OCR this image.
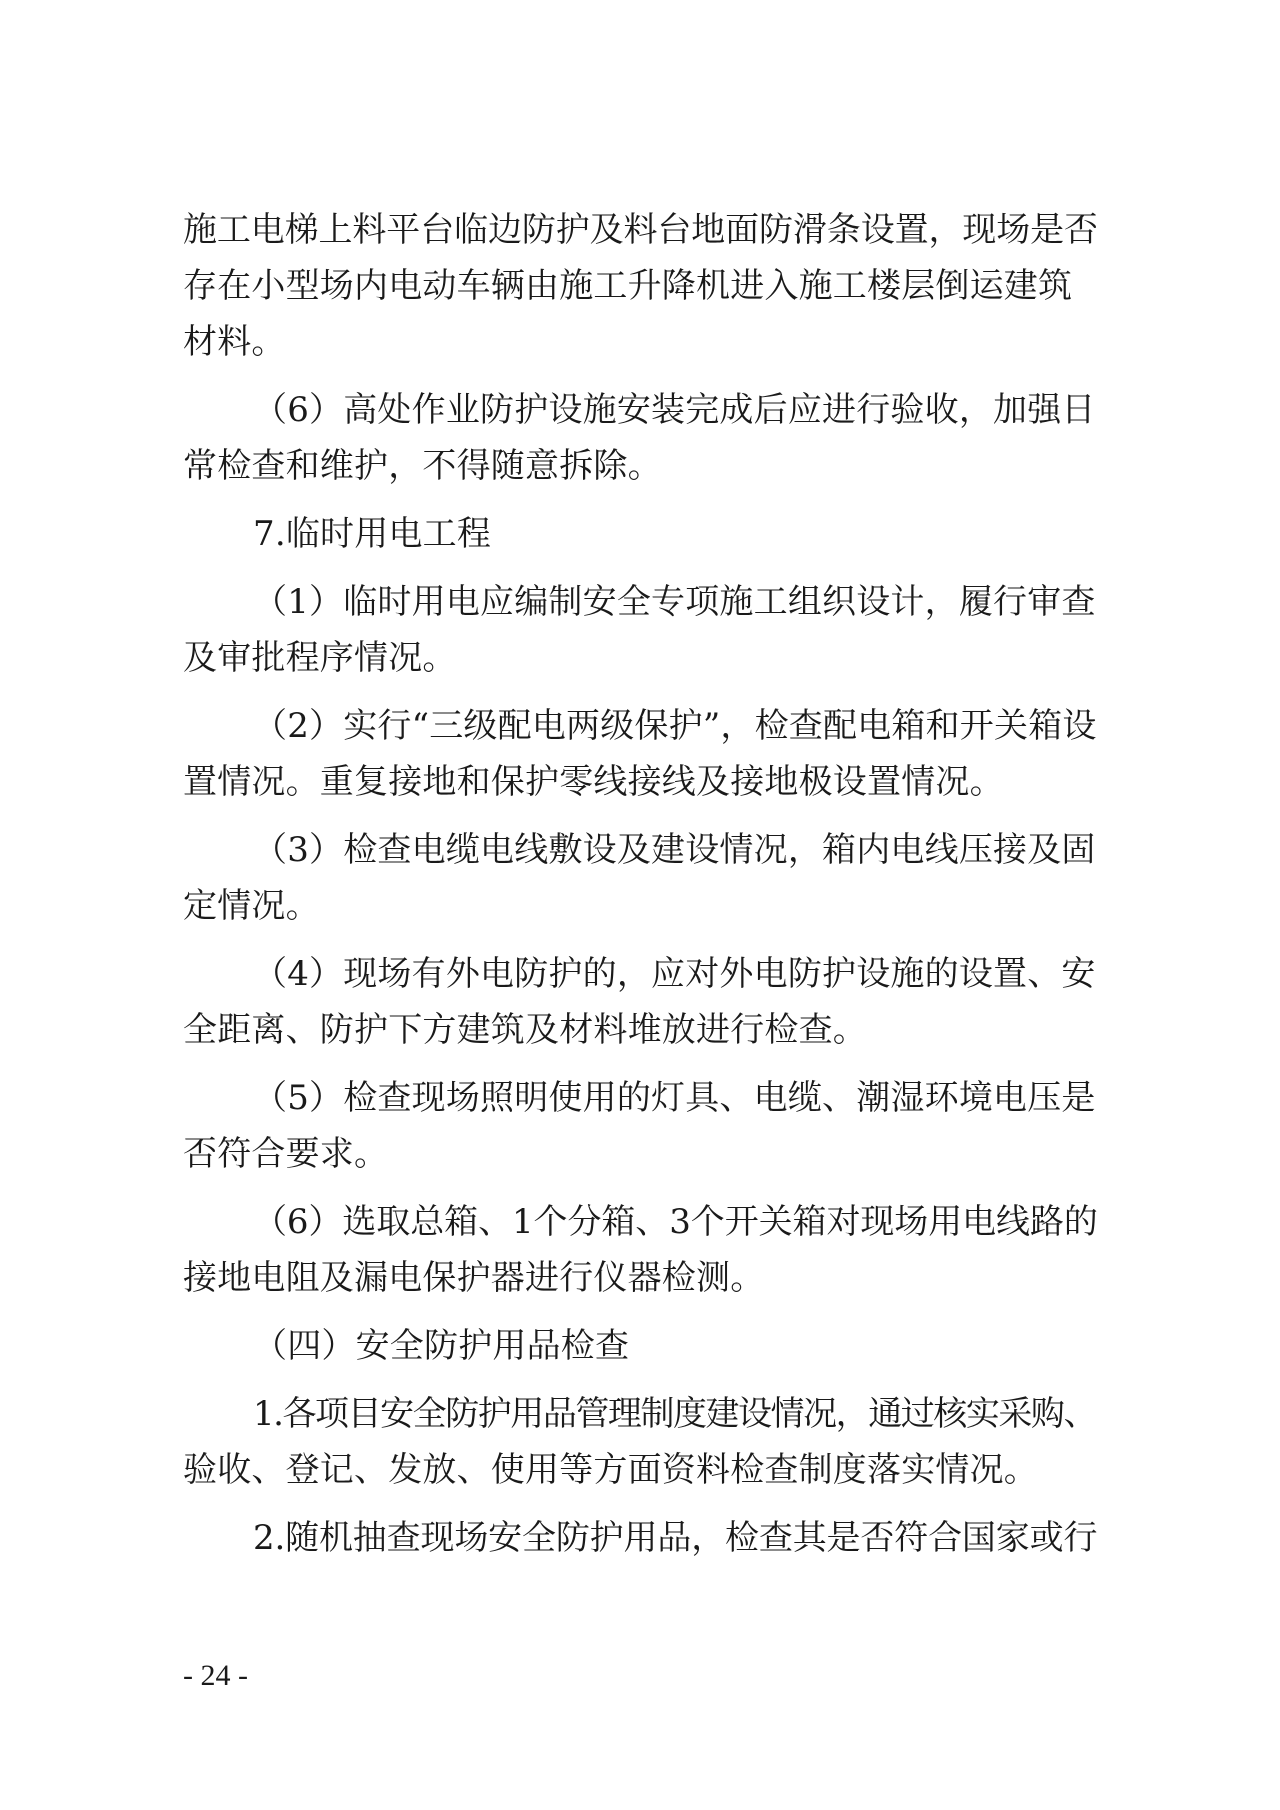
施工电梯上料平台临边防护及料台地面防滑条设置，现场是否
存在小型场内电动车辆由施工升降机进入施工楼层倒运建筑
材料。
（6）高处作业防护设施安装完成后应进行验收，加强日
常检查和维护，不得随意拆除。
7.临时用电工程
（1）临时用电应编制安全专项施工组织设计，履行审查
及审批程序情况。
（2）实行“三级配电两级保护”，检查配电箱和开关箱设
置情况。重复接地和保护零线接线及接地极设置情况。
（3）检查电缆电线敷设及建设情况，箱内电线压接及固
定情况。
（4）现场有外电防护的，应对外电防护设施的设置、安
全距离、防护下方建筑及材料堆放进行检查。
（5）检查现场照明使用的灯具、电缆、潮湿环境电压是
否符合要求。
（6）选取总箱、1个分箱、3个开关箱对现场用电线路的
接地电阻及漏电保护器进行仪器检测。
（四）安全防护用品检查
1.各项目安全防护用品管理制度建设情况，通过核实采购、
验收、登记、发放、使用等方面资料检查制度落实情况。
2.随机抽查现场安全防护用品，检查其是否符合国家或行
- 24 -
